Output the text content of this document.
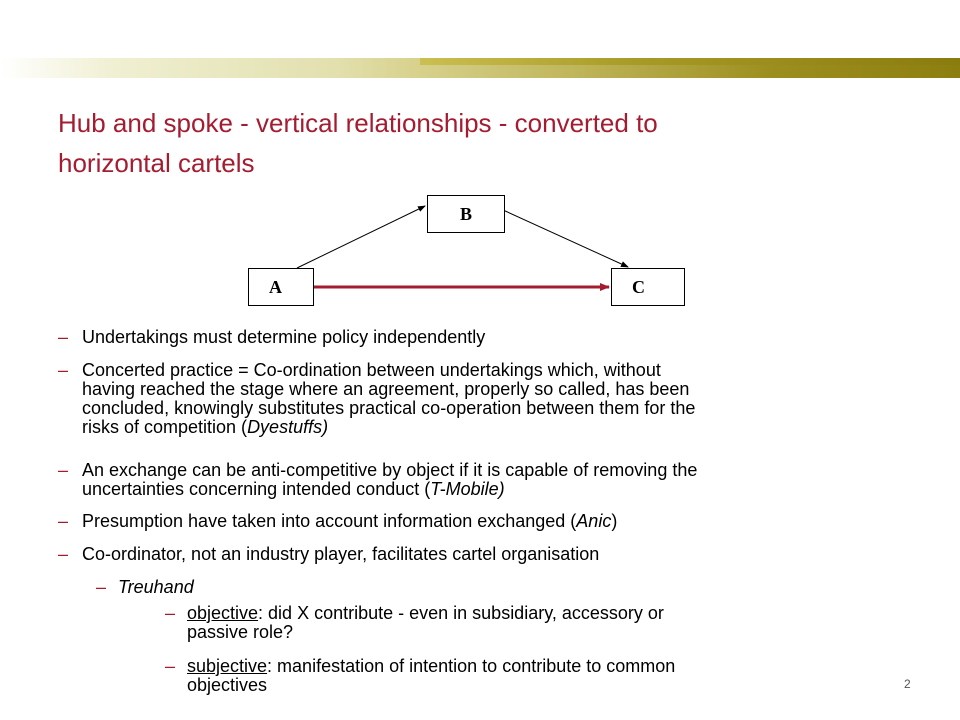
Hub and spoke - vertical relationships - converted to
horizontal cartels
B
A	C
– Undertakings must determine policy independently
– Concerted practice = Co-ordination between undertakings which, without
having reached the stage where an agreement, properly so called, has been
concluded, knowingly substitutes practical co-operation between them for the
risks of competition (Dyestuffs)
– An exchange can be anti-competitive by object if it is capable of removing the
uncertainties concerning intended conduct (T-Mobile)
– Presumption have taken into account information exchanged (Anic)
– Co-ordinator, not an industry player, facilitates cartel organisation
– Treuhand
– objective: did X contribute - even in subsidiary, accessory or
passive role?
– subjective: manifestation of intention to contribute to common
objectives	2
